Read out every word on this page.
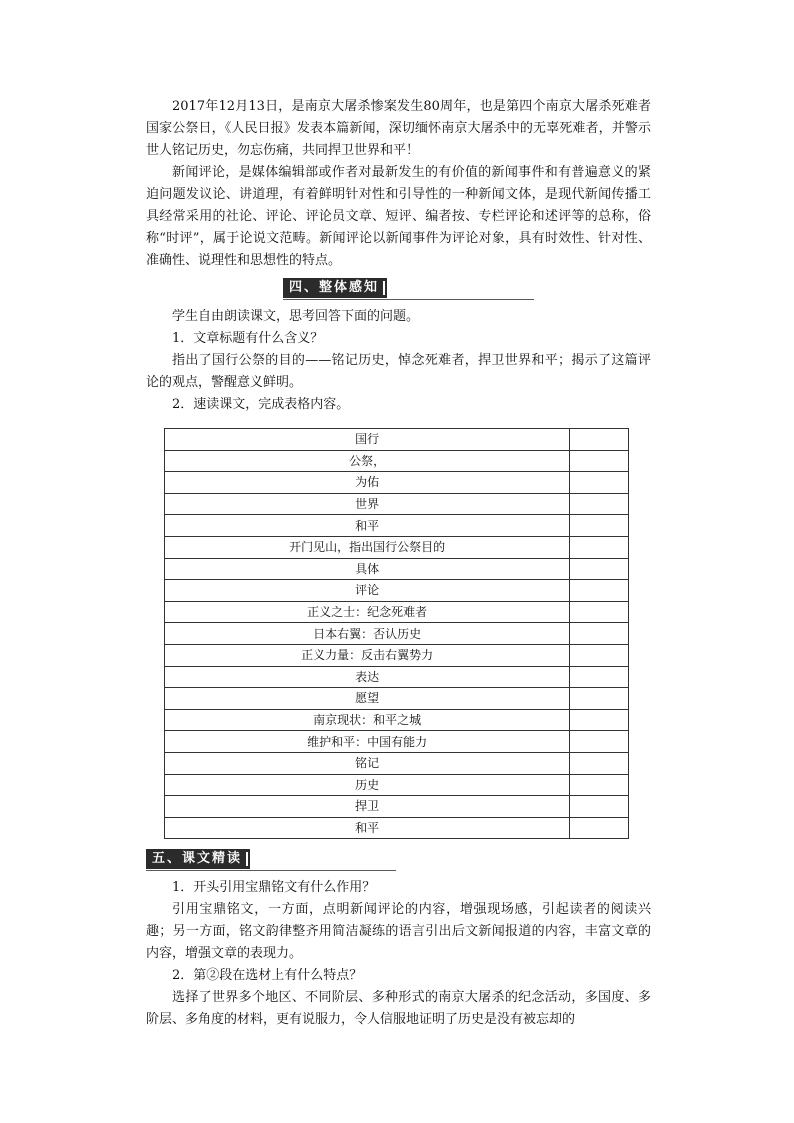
2017年12月13日，是南京大屠杀惨案发生80周年，也是第四个南京大屠杀死难者国家公祭日，《人民日报》发表本篇新闻，深切缅怀南京大屠杀中的无辜死难者，并警示世人铭记历史，勿忘伤痛，共同捍卫世界和平！

新闻评论，是媒体编辑部或作者对最新发生的有价值的新闻事件和有普遍意义的紧迫问题发议论、讲道理，有着鲜明针对性和引导性的一种新闻文体，是现代新闻传播工具经常采用的社论、评论、评论员文章、短评、编者按、专栏评论和述评等的总称，俗称“时评”，属于论说文范畴。新闻评论以新闻事件为评论对象，具有时效性、针对性、准确性、说理性和思想性的特点。

四、整体感知

学生自由朗读课文，思考回答下面的问题。

1．文章标题有什么含义？

指出了国行公祭的目的——铭记历史，悼念死难者，捍卫世界和平；揭示了这篇评论的观点，警醒意义鲜明。

2．速读课文，完成表格内容。

国行	
公祭，	
为佑	
世界	
和平	
开门见山，指出国行公祭目的	
具体	
评论	
正义之士：纪念死难者	
日本右翼：否认历史	
正义力量：反击右翼势力	
表达	
愿望	
南京现状：和平之城	
维护和平：中国有能力	
铭记	
历史	
捍卫	
和平	
五、课文精读

1．开头引用宝鼎铭文有什么作用？

引用宝鼎铭文，一方面，点明新闻评论的内容，增强现场感，引起读者的阅读兴趣；另一方面，铭文韵律整齐用简洁凝练的语言引出后文新闻报道的内容，丰富文章的内容，增强文章的表现力。

2．第②段在选材上有什么特点？

选择了世界多个地区、不同阶层、多种形式的南京大屠杀的纪念活动，多国度、多阶层、多角度的材料，更有说服力，令人信服地证明了历史是没有被忘却的
